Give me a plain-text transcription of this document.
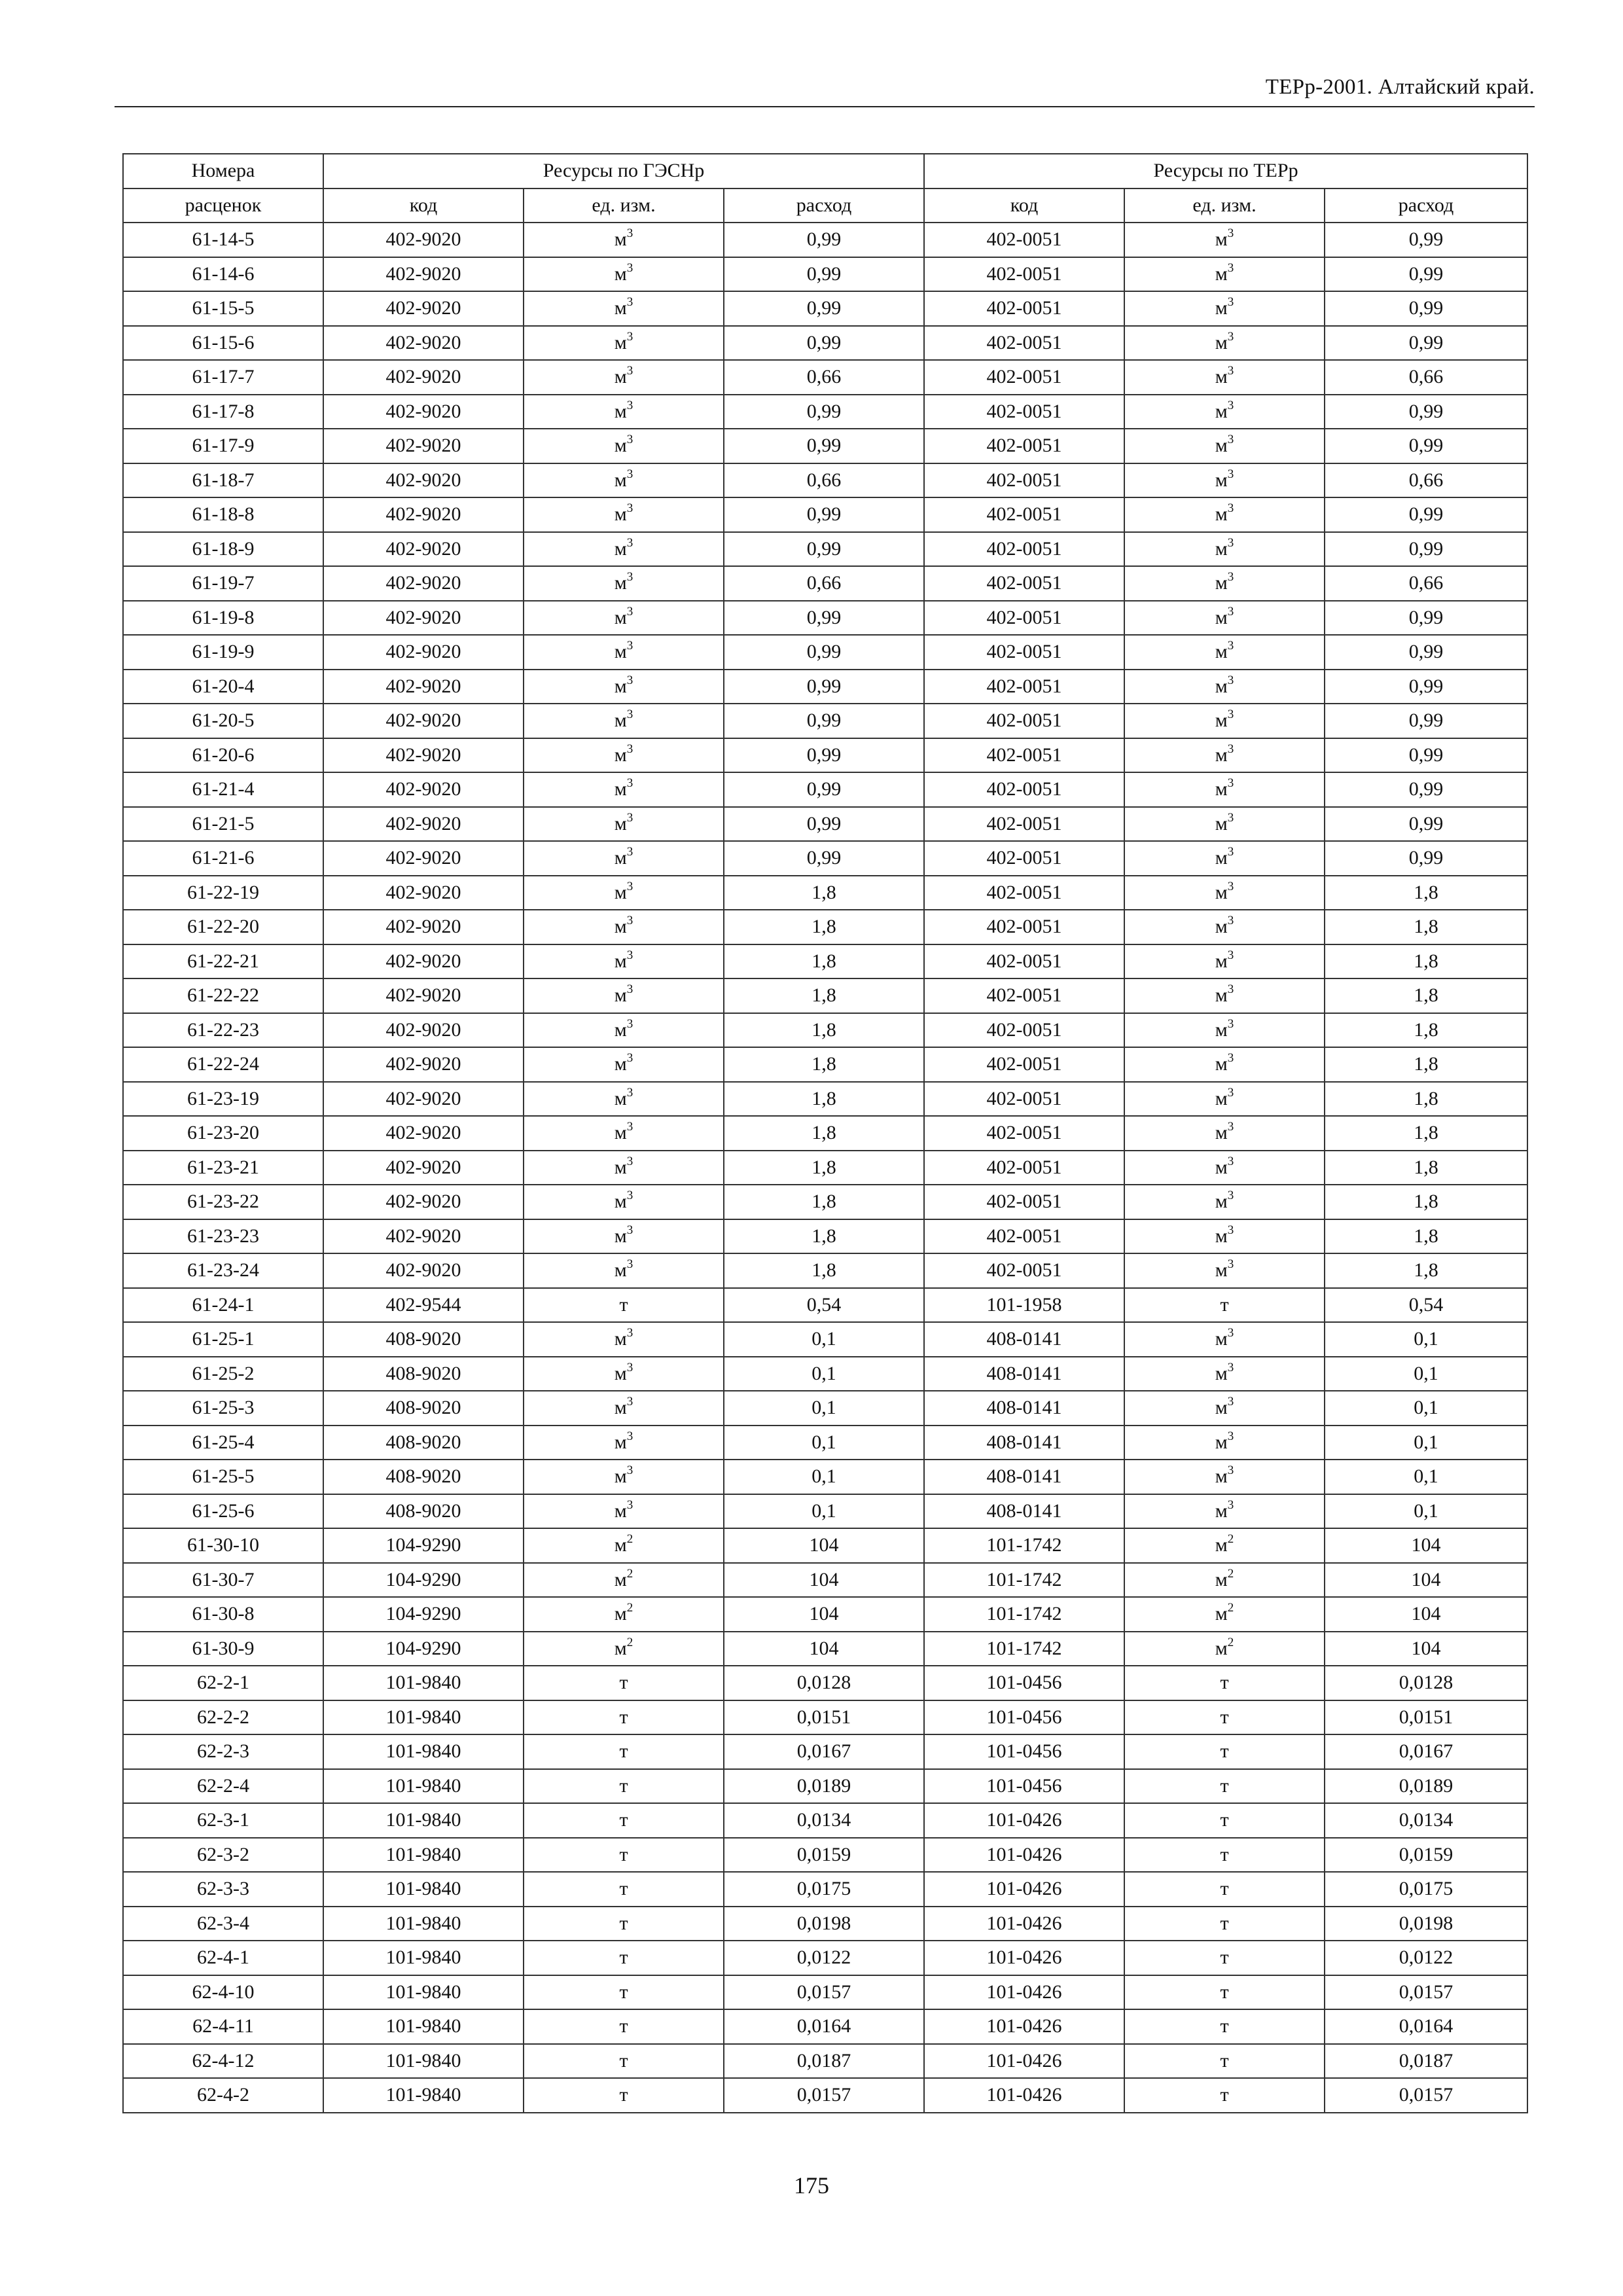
ТЕРр-2001. Алтайский край.
Номера	Ресурсы по ГЭСНр			Ресурсы по ТЕРр		
расценок	код	ед. изм.	расход	код	ед. изм.	расход
61-14-5	402-9020	$м^3$	0,99	402-0051	$м^3$	0,99
61-14-6	402-9020	$м^3$	0,99	402-0051	$м^3$	0,99
61-15-5	402-9020	$м^3$	0,99	402-0051	$м^3$	0,99
61-15-6	402-9020	$м^3$	0,99	402-0051	$м^3$	0,99
61-17-7	402-9020	$м^3$	0,66	402-0051	$м^3$	0,66
61-17-8	402-9020	$м^3$	0,99	402-0051	$м^3$	0,99
61-17-9	402-9020	$м^3$	0,99	402-0051	$м^3$	0,99
61-18-7	402-9020	$м^3$	0,66	402-0051	$м^3$	0,66
61-18-8	402-9020	$м^3$	0,99	402-0051	$м^3$	0,99
61-18-9	402-9020	$м^3$	0,99	402-0051	$м^3$	0,99
61-19-7	402-9020	$м^3$	0,66	402-0051	$м^3$	0,66
61-19-8	402-9020	$м^3$	0,99	402-0051	$м^3$	0,99
61-19-9	402-9020	$м^3$	0,99	402-0051	$м^3$	0,99
61-20-4	402-9020	$м^3$	0,99	402-0051	$м^3$	0,99
61-20-5	402-9020	$м^3$	0,99	402-0051	$м^3$	0,99
61-20-6	402-9020	$м^3$	0,99	402-0051	$м^3$	0,99
61-21-4	402-9020	$м^3$	0,99	402-0051	$м^3$	0,99
61-21-5	402-9020	$м^3$	0,99	402-0051	$м^3$	0,99
61-21-6	402-9020	$м^3$	0,99	402-0051	$м^3$	0,99
61-22-19	402-9020	$м^3$	1,8	402-0051	$м^3$	1,8
61-22-20	402-9020	$м^3$	1,8	402-0051	$м^3$	1,8
61-22-21	402-9020	$м^3$	1,8	402-0051	$м^3$	1,8
61-22-22	402-9020	$м^3$	1,8	402-0051	$м^3$	1,8
61-22-23	402-9020	$м^3$	1,8	402-0051	$м^3$	1,8
61-22-24	402-9020	$м^3$	1,8	402-0051	$м^3$	1,8
61-23-19	402-9020	$м^3$	1,8	402-0051	$м^3$	1,8
61-23-20	402-9020	$м^3$	1,8	402-0051	$м^3$	1,8
61-23-21	402-9020	$м^3$	1,8	402-0051	$м^3$	1,8
61-23-22	402-9020	$м^3$	1,8	402-0051	$м^3$	1,8
61-23-23	402-9020	$м^3$	1,8	402-0051	$м^3$	1,8
61-23-24	402-9020	$м^3$	1,8	402-0051	$м^3$	1,8
61-24-1	402-9544	т	0,54	101-1958	т	0,54
61-25-1	408-9020	$м^3$	0,1	408-0141	$м^3$	0,1
61-25-2	408-9020	$м^3$	0,1	408-0141	$м^3$	0,1
61-25-3	408-9020	$м^3$	0,1	408-0141	$м^3$	0,1
61-25-4	408-9020	$м^3$	0,1	408-0141	$м^3$	0,1
61-25-5	408-9020	$м^3$	0,1	408-0141	$м^3$	0,1
61-25-6	408-9020	$м^3$	0,1	408-0141	$м^3$	0,1
61-30-10	104-9290	$м^2$	104	101-1742	$м^2$	104
61-30-7	104-9290	$м^2$	104	101-1742	$м^2$	104
61-30-8	104-9290	$м^2$	104	101-1742	$м^2$	104
61-30-9	104-9290	$м^2$	104	101-1742	$м^2$	104
62-2-1	101-9840	т	0,0128	101-0456	т	0,0128
62-2-2	101-9840	т	0,0151	101-0456	т	0,0151
62-2-3	101-9840	т	0,0167	101-0456	т	0,0167
62-2-4	101-9840	т	0,0189	101-0456	т	0,0189
62-3-1	101-9840	т	0,0134	101-0426	т	0,0134
62-3-2	101-9840	т	0,0159	101-0426	т	0,0159
62-3-3	101-9840	т	0,0175	101-0426	т	0,0175
62-3-4	101-9840	т	0,0198	101-0426	т	0,0198
62-4-1	101-9840	т	0,0122	101-0426	т	0,0122
62-4-10	101-9840	т	0,0157	101-0426	т	0,0157
62-4-11	101-9840	т	0,0164	101-0426	т	0,0164
62-4-12	101-9840	т	0,0187	101-0426	т	0,0187
62-4-2	101-9840	т	0,0157	101-0426	т	0,0157
175
